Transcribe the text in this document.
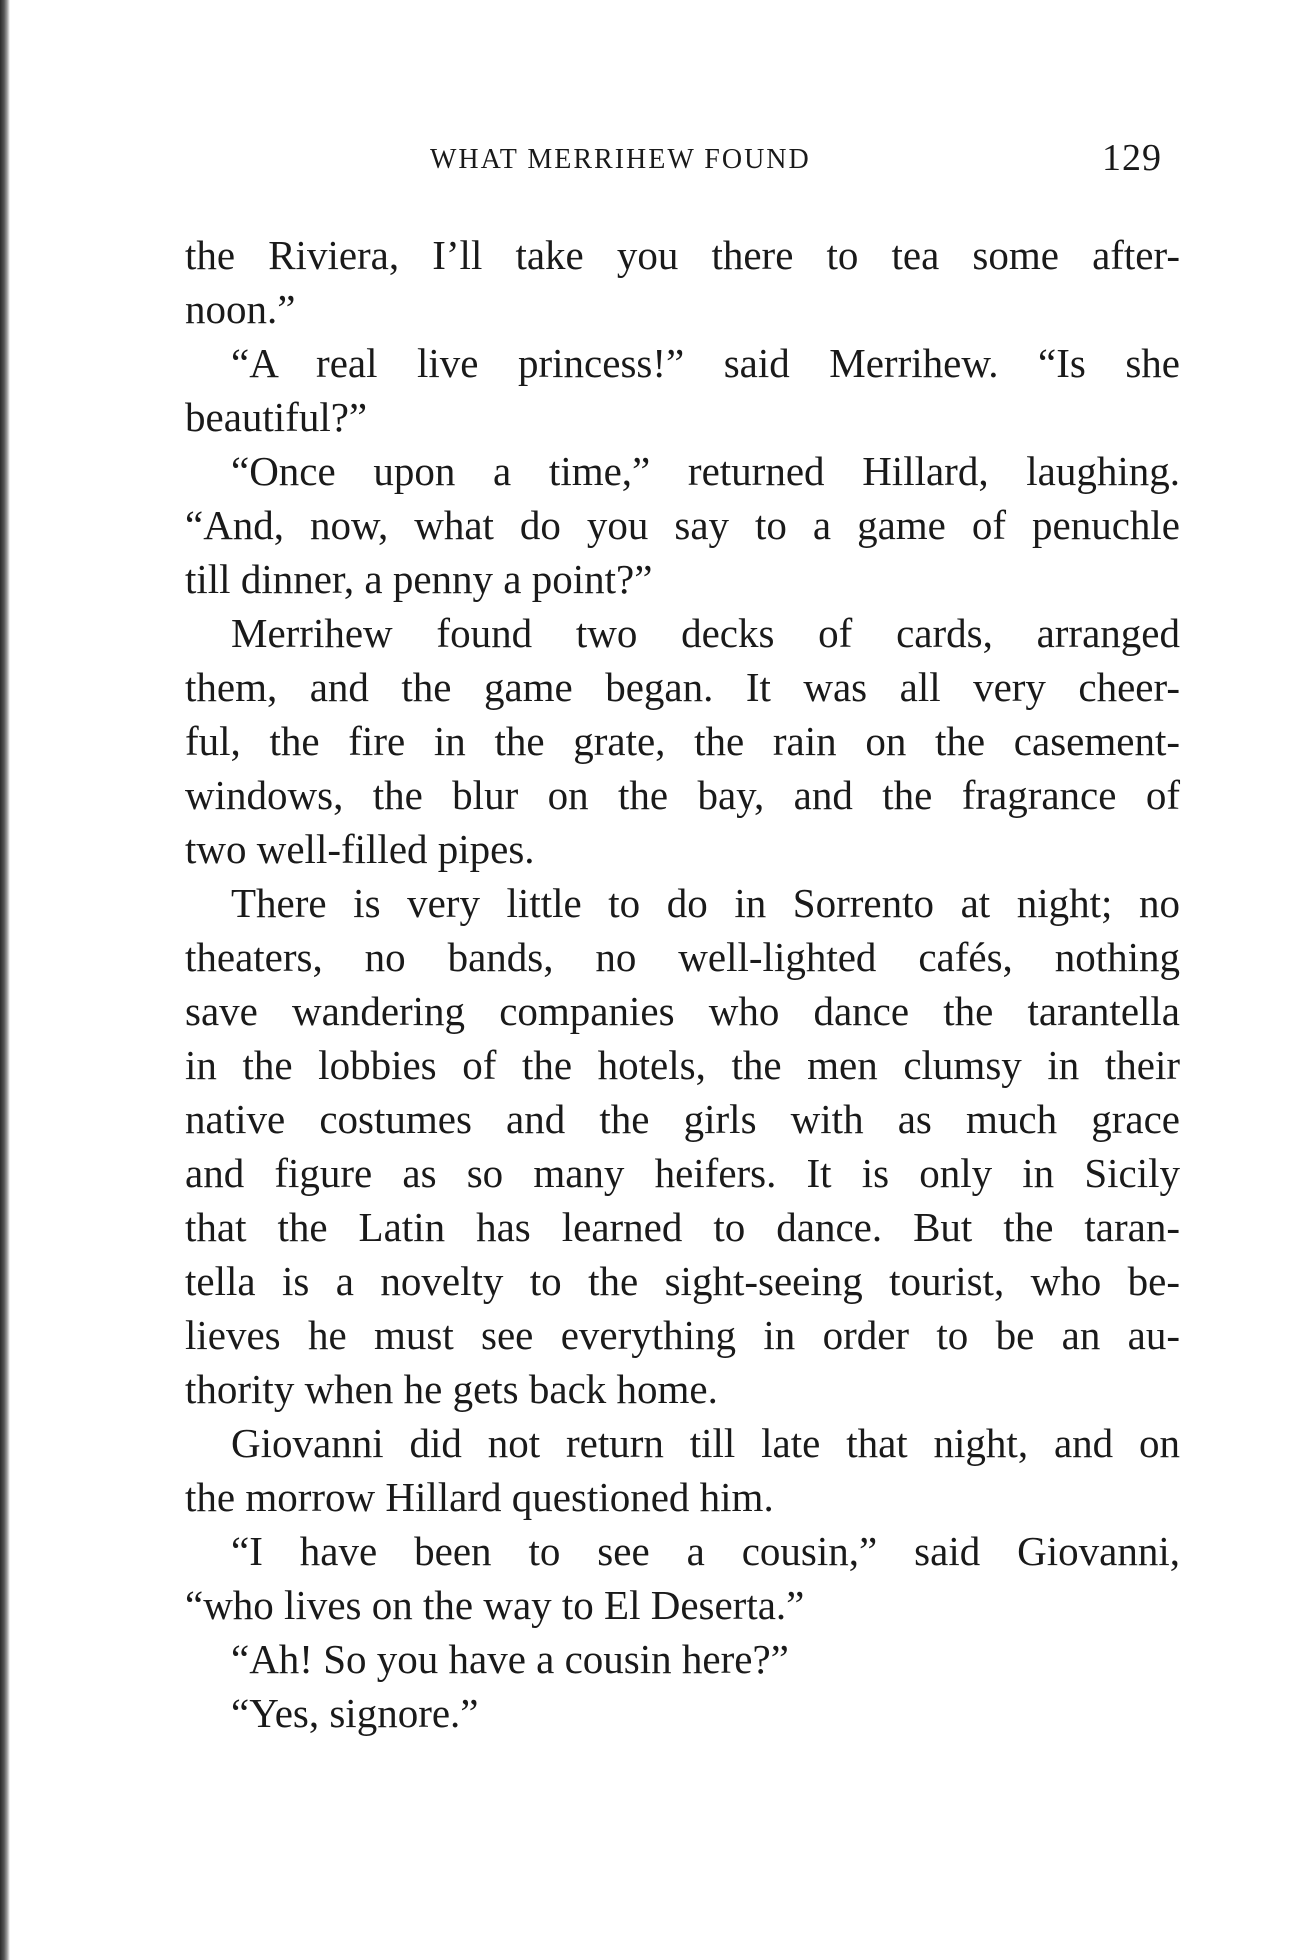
WHAT MERRIHEW FOUND	129
the Riviera, I’ll take you there to tea some after-
noon.”
“A real live princess!” said Merrihew. “Is she
beautiful?”
“Once upon a time,” returned Hillard, laughing.
“And, now, what do you say to a game of penuchle
till dinner, a penny a point?”
Merrihew found two decks of cards, arranged
them, and the game began. It was all very cheer-
ful, the fire in the grate, the rain on the casement-
windows, the blur on the bay, and the fragrance of
two well-filled pipes.
There is very little to do in Sorrento at night; no
theaters, no bands, no well-lighted cafés, nothing
save wandering companies who dance the tarantella
in the lobbies of the hotels, the men clumsy in their
native costumes and the girls with as much grace
and figure as so many heifers. It is only in Sicily
that the Latin has learned to dance. But the taran-
tella is a novelty to the sight-seeing tourist, who be-
lieves he must see everything in order to be an au-
thority when he gets back home.
Giovanni did not return till late that night, and on
the morrow Hillard questioned him.
“I have been to see a cousin,” said Giovanni,
“who lives on the way to El Deserta.”
“Ah! So you have a cousin here?”
“Yes, signore.”
